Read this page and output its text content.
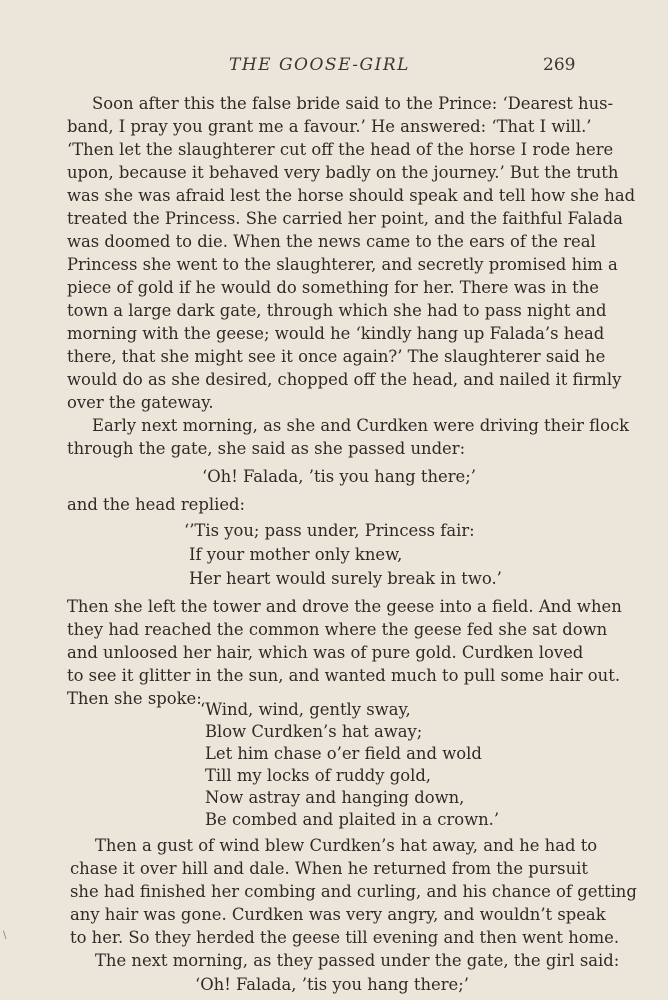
THE GOOSE-GIRL	269
Soon after this the false bride said to the Prince: ‘Dearest hus-
band, I pray you grant me a favour.’ He answered: ‘That I will.’
‘Then let the slaughterer cut off the head of the horse I rode here
upon, because it behaved very badly on the journey.’ But the truth
was she was afraid lest the horse should speak and tell how she had
treated the Princess. She carried her point, and the faithful Falada
was doomed to die. When the news came to the ears of the real
Princess she went to the slaughterer, and secretly promised him a
piece of gold if he would do something for her. There was in the
town a large dark gate, through which she had to pass night and
morning with the geese; would he ‘kindly hang up Falada’s head
there, that she might see it once again?’ The slaughterer said he
would do as she desired, chopped off the head, and nailed it firmly
over the gateway.
Early next morning, as she and Curdken were driving their flock
through the gate, she said as she passed under:
‘Oh! Falada, ’tis you hang there;’
and the head replied:
‘’Tis you; pass under, Princess fair:
If your mother only knew,
Her heart would surely break in two.’
Then she left the tower and drove the geese into a field. And when
they had reached the common where the geese fed she sat down
and unloosed her hair, which was of pure gold. Curdken loved
to see it glitter in the sun, and wanted much to pull some hair out.
Then she spoke:
‘Wind, wind, gently sway,
Blow Curdken’s hat away;
Let him chase o’er field and wold
Till my locks of ruddy gold,
Now astray and hanging down,
Be combed and plaited in a crown.’
Then a gust of wind blew Curdken’s hat away, and he had to
chase it over hill and dale. When he returned from the pursuit
she had finished her combing and curling, and his chance of getting
any hair was gone. Curdken was very angry, and wouldn’t speak
to her. So they herded the geese till evening and then went home.
The next morning, as they passed under the gate, the girl said:
‘Oh! Falada, ’tis you hang there;’
\
